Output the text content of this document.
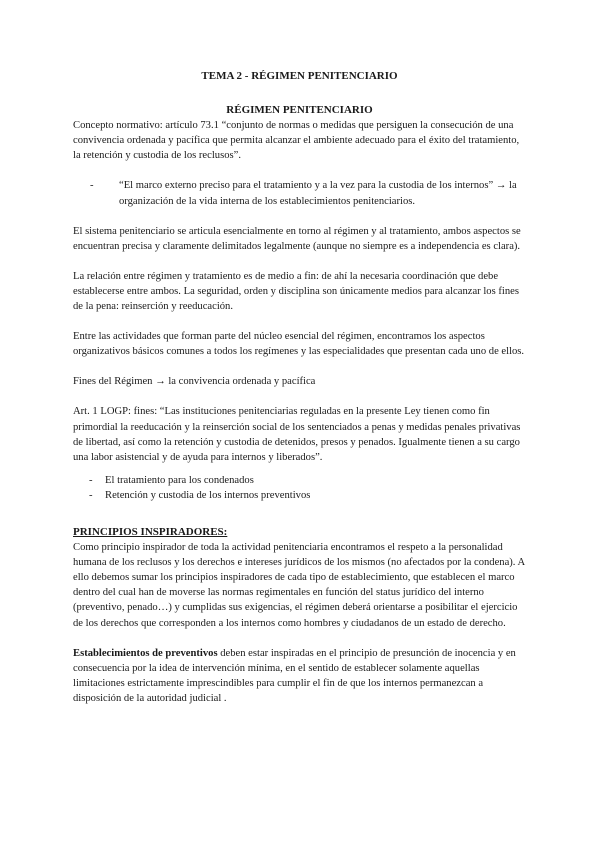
TEMA 2 - RÉGIMEN PENITENCIARIO
RÉGIMEN PENITENCIARIO

Concepto normativo: artículo 73.1 “conjunto de normas o medidas que persiguen la consecución de una convivencia ordenada y pacífica que permita alcanzar el ambiente adecuado para el éxito del tratamiento, la retención y custodia de los reclusos”.

- “El marco externo preciso para el tratamiento y a la vez para la custodia de los internos” → la organización de la vida interna de los establecimientos penitenciarios.

El sistema penitenciario se articula esencialmente en torno al régimen y al tratamiento, ambos aspectos se encuentran precisa y claramente delimitados legalmente (aunque no siempre es a independencia es clara).

La relación entre régimen y tratamiento es de medio a fin: de ahí la necesaria coordinación que debe establecerse entre ambos. La seguridad, orden y disciplina son únicamente medios para alcanzar los fines de la pena: reinserción y reeducación.

Entre las actividades que forman parte del núcleo esencial del régimen, encontramos los aspectos organizativos básicos comunes a todos los regímenes y las especialidades que presentan cada uno de ellos.

Fines del Régimen → la convivencia ordenada y pacífica

Art. 1 LOGP: fines: “Las instituciones penitenciarias reguladas en la presente Ley tienen como fin primordial la reeducación y la reinserción social de los sentenciados a penas y medidas penales privativas de libertad, así como la retención y custodia de detenidos, presos y penados. Igualmente tienen a su cargo una labor asistencial y de ayuda para internos y liberados”.

- El tratamiento para los condenados
- Retención y custodia de los internos preventivos
PRINCIPIOS INSPIRADORES:

Como principio inspirador de toda la actividad penitenciaria encontramos el respeto a la personalidad humana de los reclusos y los derechos e intereses jurídicos de los mismos (no afectados por la condena). A ello debemos sumar los principios inspiradores de cada tipo de establecimiento, que establecen el marco dentro del cual han de moverse las normas regimentales en función del status jurídico del interno (preventivo, penado…) y cumplidas sus exigencias, el régimen deberá orientarse a posibilitar el ejercicio de los derechos que corresponden a los internos como hombres y ciudadanos de un estado de derecho.

Establecimientos de preventivos deben estar inspiradas en el principio de presunción de inocencia y en consecuencia por la idea de intervención mínima, en el sentido de establecer solamente aquellas limitaciones estrictamente imprescindibles para cumplir el fin de que los internos permanezcan a disposición de la autoridad judicial .
